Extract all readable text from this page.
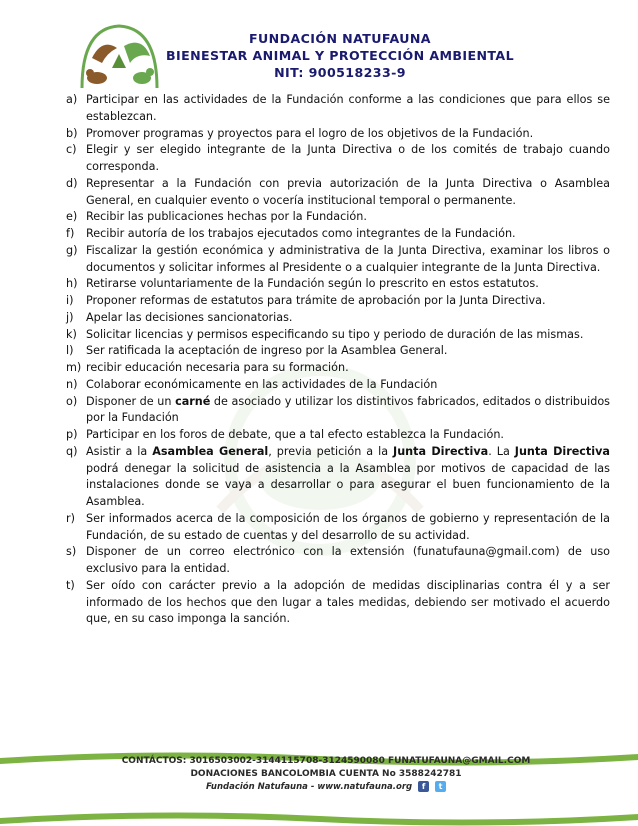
FUNDACIÓN NATUFAUNA
BIENESTAR ANIMAL Y PROTECCIÓN AMBIENTAL
NIT: 900518233-9
a) Participar en las actividades de la Fundación conforme a las condiciones que para ellos se establezcan.
b) Promover programas y proyectos para el logro de los objetivos de la Fundación.
c) Elegir y ser elegido integrante de la Junta Directiva o de los comités de trabajo cuando corresponda.
d) Representar a la Fundación con previa autorización de la Junta Directiva o Asamblea General, en cualquier evento o vocería institucional temporal o permanente.
e) Recibir las publicaciones hechas por la Fundación.
f)	Recibir autoría de los trabajos ejecutados como integrantes de la Fundación.
g) Fiscalizar la gestión económica y administrativa de la Junta Directiva, examinar los libros o documentos y solicitar informes al Presidente o a cualquier integrante de la Junta Directiva.
h) Retirarse voluntariamente de la Fundación según lo prescrito en estos estatutos.
i)	Proponer reformas de estatutos para trámite de aprobación por la Junta Directiva.
j)	Apelar las decisiones sancionatorias.
k) Solicitar licencias y permisos especificando su tipo y periodo de duración de las mismas.
l)	Ser ratificada la aceptación de ingreso por la Asamblea General.
m) recibir educación necesaria para su formación.
n) Colaborar económicamente en las actividades de la Fundación
o) Disponer de un carné de asociado y utilizar los distintivos fabricados, editados o distribuidos por la Fundación
p) Participar en los foros de debate, que a tal efecto establezca la Fundación.
q) Asistir a la Asamblea General, previa petición a la Junta Directiva. La Junta Directiva podrá denegar la solicitud de asistencia a la Asamblea por motivos de capacidad de las instalaciones donde se vaya a desarrollar o para asegurar el buen funcionamiento de la Asamblea.
r) Ser informados acerca de la composición de los órganos de gobierno y representación de la Fundación, de su estado de cuentas y del desarrollo de su actividad.
s) Disponer de un correo electrónico con la extensión (funatufauna@gmail.com) de uso exclusivo para la entidad.
t)	Ser oído con carácter previo a la adopción de medidas disciplinarias contra él y a ser informado de los hechos que den lugar a tales medidas, debiendo ser motivado el acuerdo que, en su caso imponga la sanción.
CONTÁCTOS: 3016503002-3144115708-3124590080 FUNATUFAUNA@GMAIL.COM
DONACIONES BANCOLOMBIA CUENTA No 3588242781
Fundación Natufauna - www.natufauna.org f t
